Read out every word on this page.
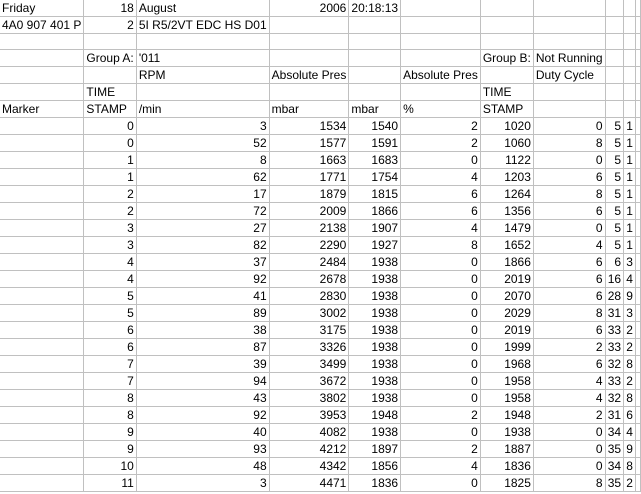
Friday	18	August	2006	20:18:13						
4A0 907 401 P	2	5I R5/2VT EDC HS D01								

	Group A:	'011				Group B:	Not Running			
		RPM	Absolute Pres		Absolute Pres		Duty Cycle			
	TIME					TIME				
Marker	STAMP	/min	mbar	mbar	%	STAMP				
	0	3	1534	1540	2	1020	0	5	1	
	0	52	1577	1591	2	1060	8	5	1	
	1	8	1663	1683	0	1122	0	5	1	
	1	62	1771	1754	4	1203	6	5	1	
	2	17	1879	1815	6	1264	8	5	1	
	2	72	2009	1866	6	1356	6	5	1	
	3	27	2138	1907	4	1479	0	5	1	
	3	82	2290	1927	8	1652	4	5	1	
	4	37	2484	1938	0	1866	6	6	3	
	4	92	2678	1938	0	2019	6	16	4	
	5	41	2830	1938	0	2070	6	28	9	
	5	89	3002	1938	0	2029	8	31	3	
	6	38	3175	1938	0	2019	6	33	2	
	6	87	3326	1938	0	1999	2	33	2	
	7	39	3499	1938	0	1968	6	32	8	
	7	94	3672	1938	0	1958	4	33	2	
	8	43	3802	1938	0	1958	4	32	8	
	8	92	3953	1948	2	1948	2	31	6	
	9	40	4082	1938	0	1938	0	34	4	
	9	93	4212	1897	2	1887	0	35	9	
	10	48	4342	1856	4	1836	0	34	8	
	11	3	4471	1836	0	1825	8	35	2	
